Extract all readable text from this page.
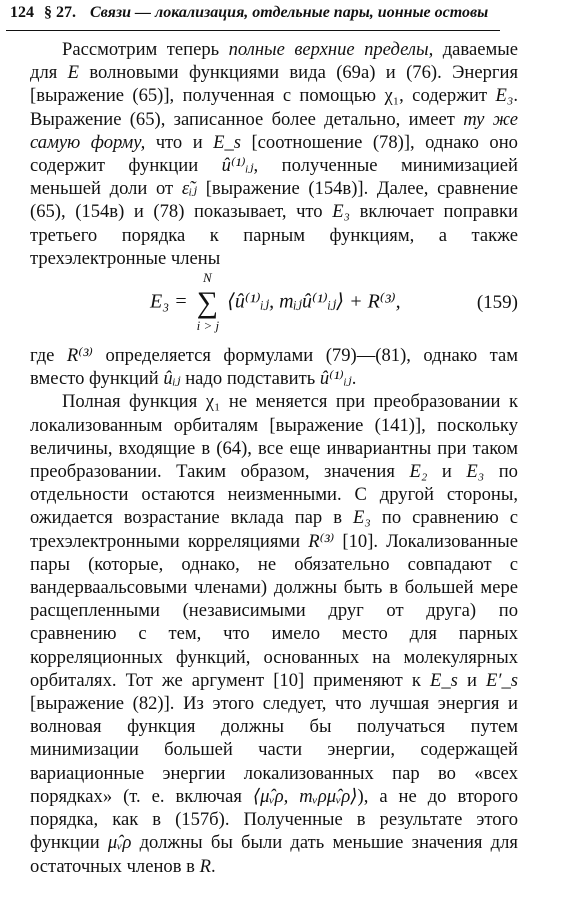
124 § 27. Связи — локализация, отдельные пары, ионные остовы

Рассмотрим теперь полные верхние пределы, даваемые для E волновыми функциями вида (69а) и (76). Энергия [выражение (65)], полученная с помощью χ₁, содержит E₃. Выражение (65), записанное более детально, имеет ту же самую форму, что и E_s [соотношение (78)], однако оно содержит функции û⁽¹⁾ᵢⱼ, полученные минимизацией меньшей доли от ε̃ᵢⱼ [выражение (154в)]. Далее, сравнение (65), (154в) и (78) показывает, что E₃ включает поправки третьего порядка к парным функциям, а также трехэлектронные члены

E₃ =
N
∑
i > j
⟨û⁽¹⁾ᵢⱼ, mᵢⱼû⁽¹⁾ᵢⱼ⟩ + R⁽³⁾,	(159)

где R⁽³⁾ определяется формулами (79)—(81), однако там вместо функций ûᵢⱼ надо подставить û⁽¹⁾ᵢⱼ.

Полная функция χ₁ не меняется при преобразовании к локализованным орбиталям [выражение (141)], поскольку величины, входящие в (64), все еще инвариантны при таком преобразовании. Таким образом, значения E₂ и E₃ по отдельности остаются неизменными. С другой стороны, ожидается возрастание вклада пар в E₃ по сравнению с трехэлектронными корреляциями R⁽³⁾ [10]. Локализованные пары (которые, однако, не обязательно совпадают с вандерваальсовыми членами) должны быть в большей мере расщепленными (независимыми друг от друга) по сравнению с тем, что имело место для парных корреляционных функций, основанных на молекулярных орбиталях. Тот же аргумент [10] применяют к E_s и E′_s [выражение (82)]. Из этого следует, что лучшая энергия и волновая функция должны бы получаться путем минимизации большей части энергии, содержащей вариационные энергии локализованных пар во «всех порядках» (т. е. включая ⟨μ̂ᵥρ, mᵥρμ̂ᵥρ⟩), а не до второго порядка, как в (157б). Полученные в результате этого функции μ̂ᵥρ должны бы были дать меньшие значения для остаточных членов в R.
